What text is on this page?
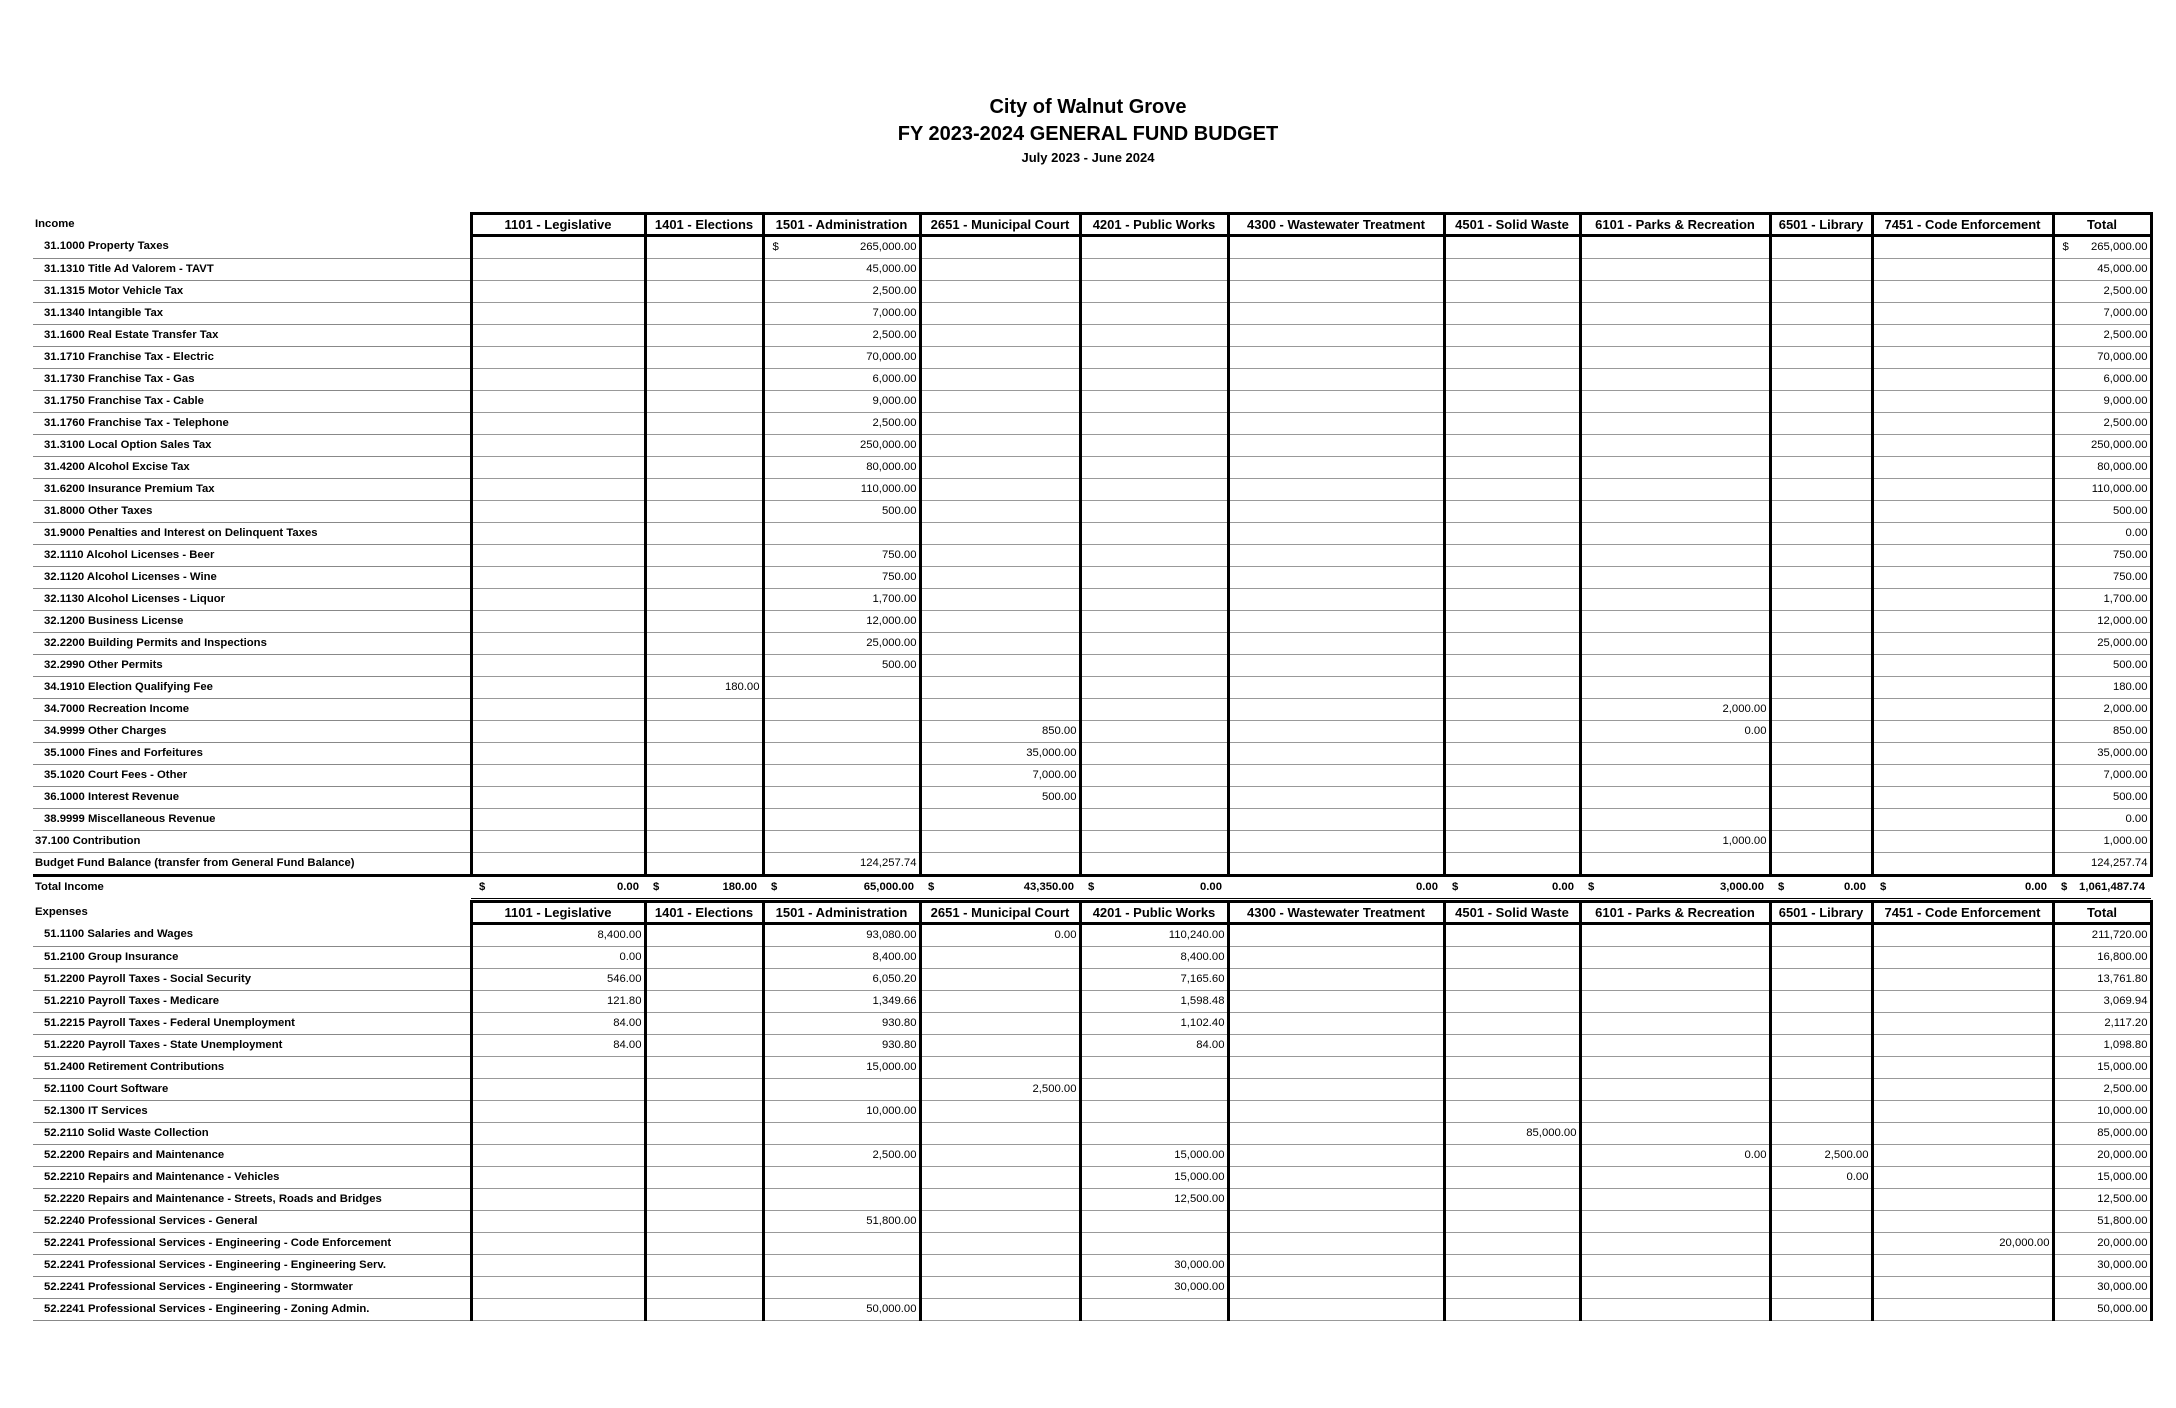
City of Walnut Grove
FY 2023-2024 GENERAL FUND BUDGET
July 2023 - June 2024
Income	1101 - Legislative	1401 - Elections	1501 - Administration	2651 - Municipal Court	4201 - Public Works	4300 - Wastewater Treatment	4501 - Solid Waste	6101 - Parks & Recreation	6501 - Library	7451 - Code Enforcement	Total
31.1000 Property Taxes			$ 265,000.00								$ 265,000.00
31.1310 Title Ad Valorem - TAVT			45,000.00								45,000.00
31.1315 Motor Vehicle Tax			2,500.00								2,500.00
31.1340 Intangible Tax			7,000.00								7,000.00
31.1600 Real Estate Transfer Tax			2,500.00								2,500.00
31.1710 Franchise Tax - Electric			70,000.00								70,000.00
31.1730 Franchise Tax - Gas			6,000.00								6,000.00
31.1750 Franchise Tax - Cable			9,000.00								9,000.00
31.1760 Franchise Tax - Telephone			2,500.00								2,500.00
31.3100 Local Option Sales Tax			250,000.00								250,000.00
31.4200 Alcohol Excise Tax			80,000.00								80,000.00
31.6200 Insurance Premium Tax			110,000.00								110,000.00
31.8000 Other Taxes			500.00								500.00
31.9000 Penalties and Interest on Delinquent Taxes											0.00
32.1110 Alcohol Licenses - Beer			750.00								750.00
32.1120 Alcohol Licenses - Wine			750.00								750.00
32.1130 Alcohol Licenses - Liquor			1,700.00								1,700.00
32.1200 Business License			12,000.00								12,000.00
32.2200 Building Permits and Inspections			25,000.00								25,000.00
32.2990 Other Permits			500.00								500.00
34.1910 Election Qualifying Fee		180.00									180.00
34.7000 Recreation Income								2,000.00			2,000.00
34.9999 Other Charges				850.00				0.00			850.00
35.1000 Fines and Forfeitures				35,000.00							35,000.00
35.1020 Court Fees - Other				7,000.00							7,000.00
36.1000 Interest Revenue				500.00							500.00
38.9999 Miscellaneous Revenue											0.00
37.100 Contribution								1,000.00			1,000.00
Budget Fund Balance (transfer from General Fund Balance)			124,257.74								124,257.74
Total Income	$ 0.00	$ 180.00	$ 65,000.00	$ 43,350.00	$ 0.00	0.00	$ 0.00	$ 3,000.00	$ 0.00	$ 0.00	$ 1,061,487.74
Expenses	1101 - Legislative	1401 - Elections	1501 - Administration	2651 - Municipal Court	4201 - Public Works	4300 - Wastewater Treatment	4501 - Solid Waste	6101 - Parks & Recreation	6501 - Library	7451 - Code Enforcement	Total
51.1100 Salaries and Wages	8,400.00		93,080.00	0.00	110,240.00						211,720.00
51.2100 Group Insurance	0.00		8,400.00		8,400.00						16,800.00
51.2200 Payroll Taxes - Social Security	546.00		6,050.20		7,165.60						13,761.80
51.2210 Payroll Taxes - Medicare	121.80		1,349.66		1,598.48						3,069.94
51.2215 Payroll Taxes - Federal Unemployment	84.00		930.80		1,102.40						2,117.20
51.2220 Payroll Taxes - State Unemployment	84.00		930.80		84.00						1,098.80
51.2400 Retirement Contributions			15,000.00								15,000.00
52.1100 Court Software				2,500.00							2,500.00
52.1300 IT Services			10,000.00								10,000.00
52.2110 Solid Waste Collection							85,000.00				85,000.00
52.2200 Repairs and Maintenance			2,500.00		15,000.00			0.00	2,500.00		20,000.00
52.2210 Repairs and Maintenance - Vehicles					15,000.00				0.00		15,000.00
52.2220 Repairs and Maintenance - Streets, Roads and Bridges					12,500.00						12,500.00
52.2240 Professional Services - General			51,800.00								51,800.00
52.2241 Professional Services - Engineering - Code Enforcement										20,000.00	20,000.00
52.2241 Professional Services - Engineering - Engineering Serv.					30,000.00						30,000.00
52.2241 Professional Services - Engineering - Stormwater					30,000.00						30,000.00
52.2241 Professional Services - Engineering - Zoning Admin.			50,000.00								50,000.00
